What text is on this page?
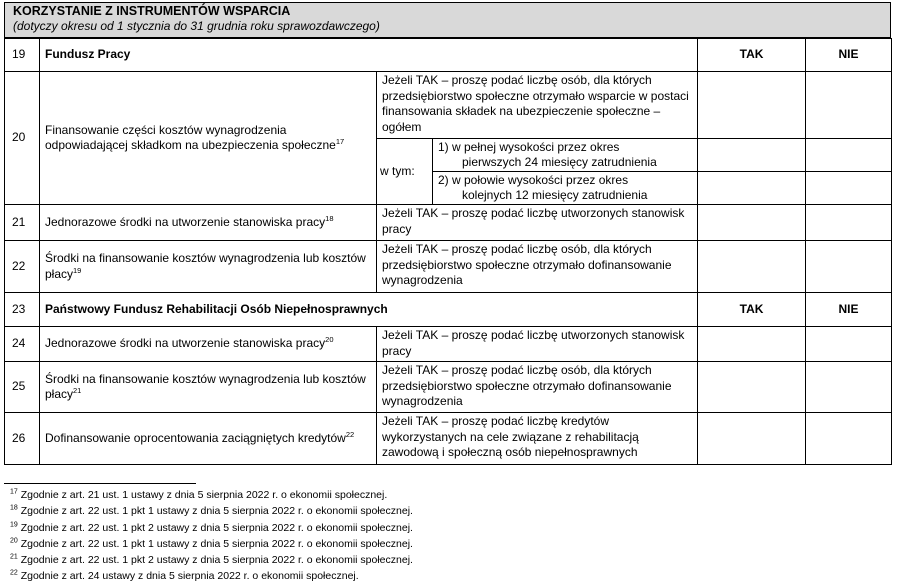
KORZYSTANIE Z INSTRUMENTÓW WSPARCIA
(dotyczy okresu od 1 stycznia do 31 grudnia roku sprawozdawczego)
19	Fundusz Pracy			TAK	NIE
20	Finansowanie części kosztów wynagrodzenia odpowiadającej składkom na ubezpieczenia społeczne$^{17}$	Jeżeli TAK – proszę podać liczbę osób, dla których przedsiębiorstwo społeczne otrzymało wsparcie w postaci finansowania składek na ubezpieczenie społeczne – ogółem			
		w tym:	1) w pełnej wysokości przez okres
pierwszych 24 miesięcy zatrudnienia		

			2) w połowie wysokości przez okres
kolejnych 12 miesięcy zatrudnienia		

21	Jednorazowe środki na utworzenie stanowiska pracy$^{18}$	Jeżeli TAK – proszę podać liczbę utworzonych stanowisk pracy			
22	Środki na finansowanie kosztów wynagrodzenia lub kosztów płacy$^{19}$	Jeżeli TAK – proszę podać liczbę osób, dla których przedsiębiorstwo społeczne otrzymało dofinansowanie wynagrodzenia			
23	Państwowy Fundusz Rehabilitacji Osób Niepełnosprawnych			TAK	NIE
24	Jednorazowe środki na utworzenie stanowiska pracy$^{20}$	Jeżeli TAK – proszę podać liczbę utworzonych stanowisk pracy			
25	Środki na finansowanie kosztów wynagrodzenia lub kosztów płacy$^{21}$	Jeżeli TAK – proszę podać liczbę osób, dla których przedsiębiorstwo społeczne otrzymało dofinansowanie wynagrodzenia			
26	Dofinansowanie oprocentowania zaciągniętych kredytów$^{22}$	Jeżeli TAK – proszę podać liczbę kredytów wykorzystanych na cele związane z rehabilitacją zawodową i społeczną osób niepełnosprawnych			
$^{17}$ Zgodnie z art. 21 ust. 1 ustawy z dnia 5 sierpnia 2022 r. o ekonomii społecznej.
$^{18}$ Zgodnie z art. 22 ust. 1 pkt 1 ustawy z dnia 5 sierpnia 2022 r. o ekonomii społecznej.
$^{19}$ Zgodnie z art. 22 ust. 1 pkt 2 ustawy z dnia 5 sierpnia 2022 r. o ekonomii społecznej.
$^{20}$ Zgodnie z art. 22 ust. 1 pkt 1 ustawy z dnia 5 sierpnia 2022 r. o ekonomii społecznej.
$^{21}$ Zgodnie z art. 22 ust. 1 pkt 2 ustawy z dnia 5 sierpnia 2022 r. o ekonomii społecznej.
$^{22}$ Zgodnie z art. 24 ustawy z dnia 5 sierpnia 2022 r. o ekonomii społecznej.
